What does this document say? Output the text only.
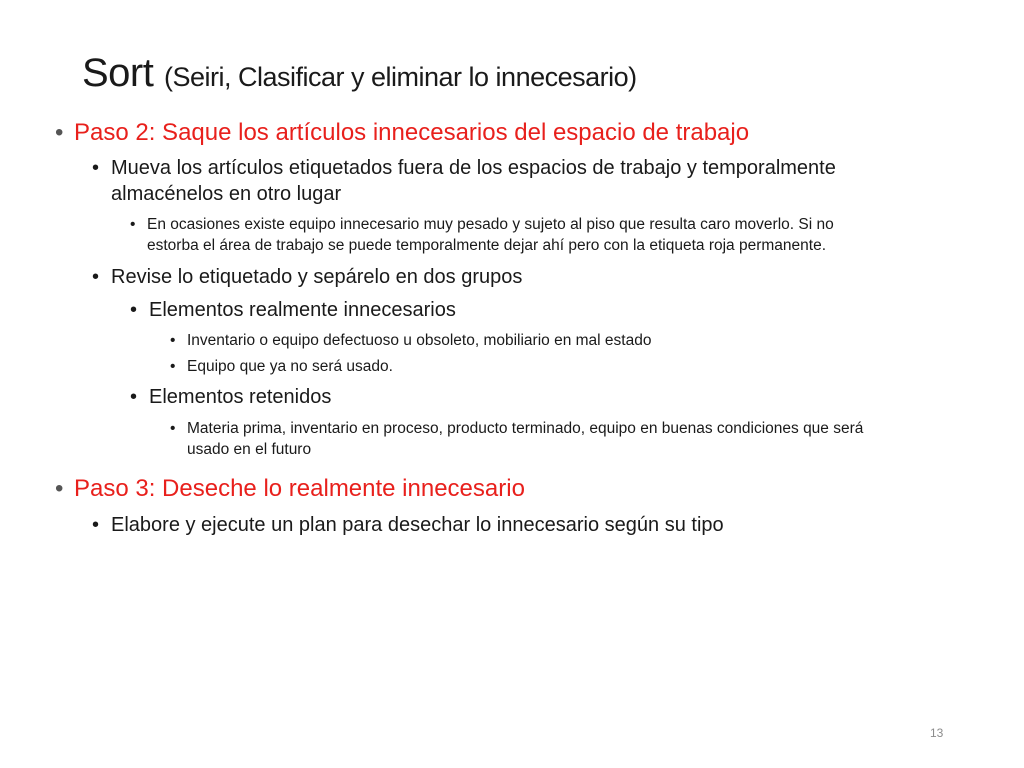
Sort (Seiri, Clasificar y eliminar lo innecesario)
• Paso 2: Saque los artículos innecesarios del espacio de trabajo
• Mueva los artículos etiquetados fuera de los espacios de trabajo y temporalmente
almacénelos en otro lugar
• En ocasiones existe equipo innecesario muy pesado y sujeto al piso que resulta caro moverlo. Si no
estorba el área de trabajo se puede temporalmente dejar ahí pero con la etiqueta roja permanente.
• Revise lo etiquetado y sepárelo en dos grupos
• Elementos realmente innecesarios
• Inventario o equipo defectuoso u obsoleto, mobiliario en mal estado
• Equipo que ya no será usado.
• Elementos retenidos
• Materia prima, inventario en proceso, producto terminado, equipo en buenas condiciones que será
usado en el futuro
• Paso 3: Deseche lo realmente innecesario
• Elabore y ejecute un plan para desechar lo innecesario según su tipo
13
